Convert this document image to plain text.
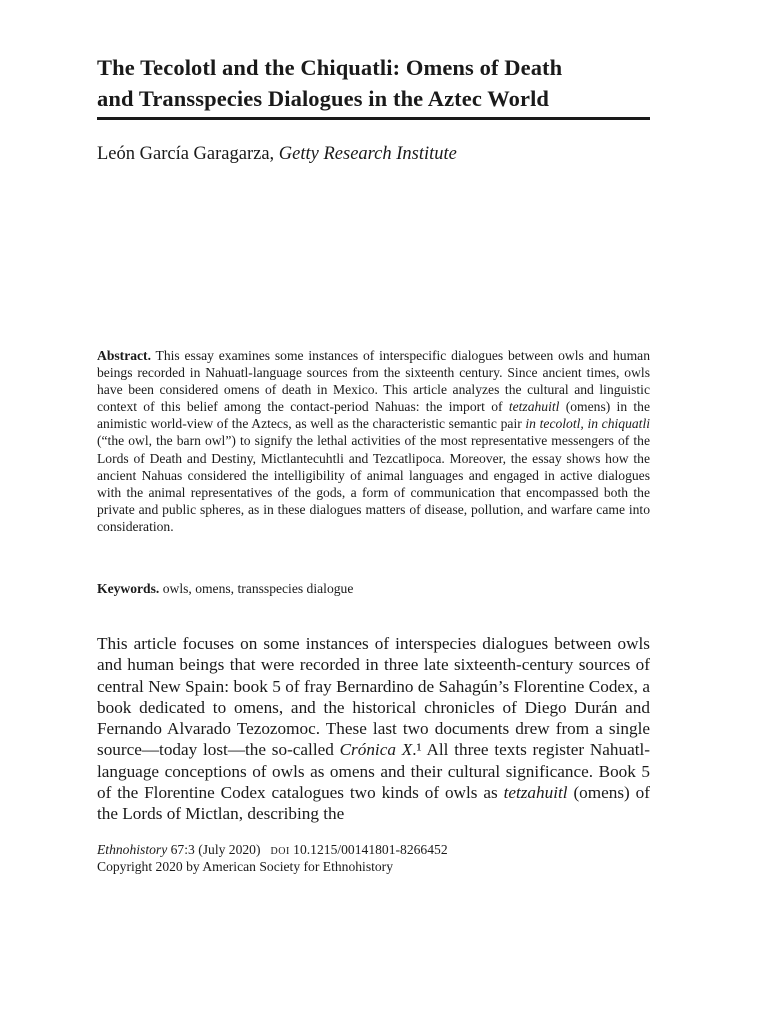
The Tecolotl and the Chiquatli: Omens of Death
and Transspecies Dialogues in the Aztec World

León García Garagarza, Getty Research Institute

Abstract. This essay examines some instances of interspecific dialogues between owls and human beings recorded in Nahuatl-language sources from the sixteenth century. Since ancient times, owls have been considered omens of death in Mexico. This article analyzes the cultural and linguistic context of this belief among the contact-period Nahuas: the import of tetzahuitl (omens) in the animistic world-view of the Aztecs, as well as the characteristic semantic pair in tecolotl, in chiquatli (“the owl, the barn owl”) to signify the lethal activities of the most representative messengers of the Lords of Death and Destiny, Mictlantecuhtli and Tezcatlipoca. Moreover, the essay shows how the ancient Nahuas considered the intelligibility of animal languages and engaged in active dialogues with the animal representatives of the gods, a form of communication that encompassed both the private and public spheres, as in these dialogues matters of disease, pollution, and warfare came into consideration.

Keywords. owls, omens, transspecies dialogue

This article focuses on some instances of interspecies dialogues between owls and human beings that were recorded in three late sixteenth-century sources of central New Spain: book 5 of fray Bernardino de Sahagún’s Florentine Codex, a book dedicated to omens, and the historical chronicles of Diego Durán and Fernando Alvarado Tezozomoc. These last two documents drew from a single source—today lost—the so-called Crónica X.¹ All three texts register Nahuatl-language conceptions of owls as omens and their cultural significance. Book 5 of the Florentine Codex catalogues two kinds of owls as tetzahuitl (omens) of the Lords of Mictlan, describing the

Ethnohistory 67:3 (July 2020) doi 10.1215/00141801-8266452
Copyright 2020 by American Society for Ethnohistory
